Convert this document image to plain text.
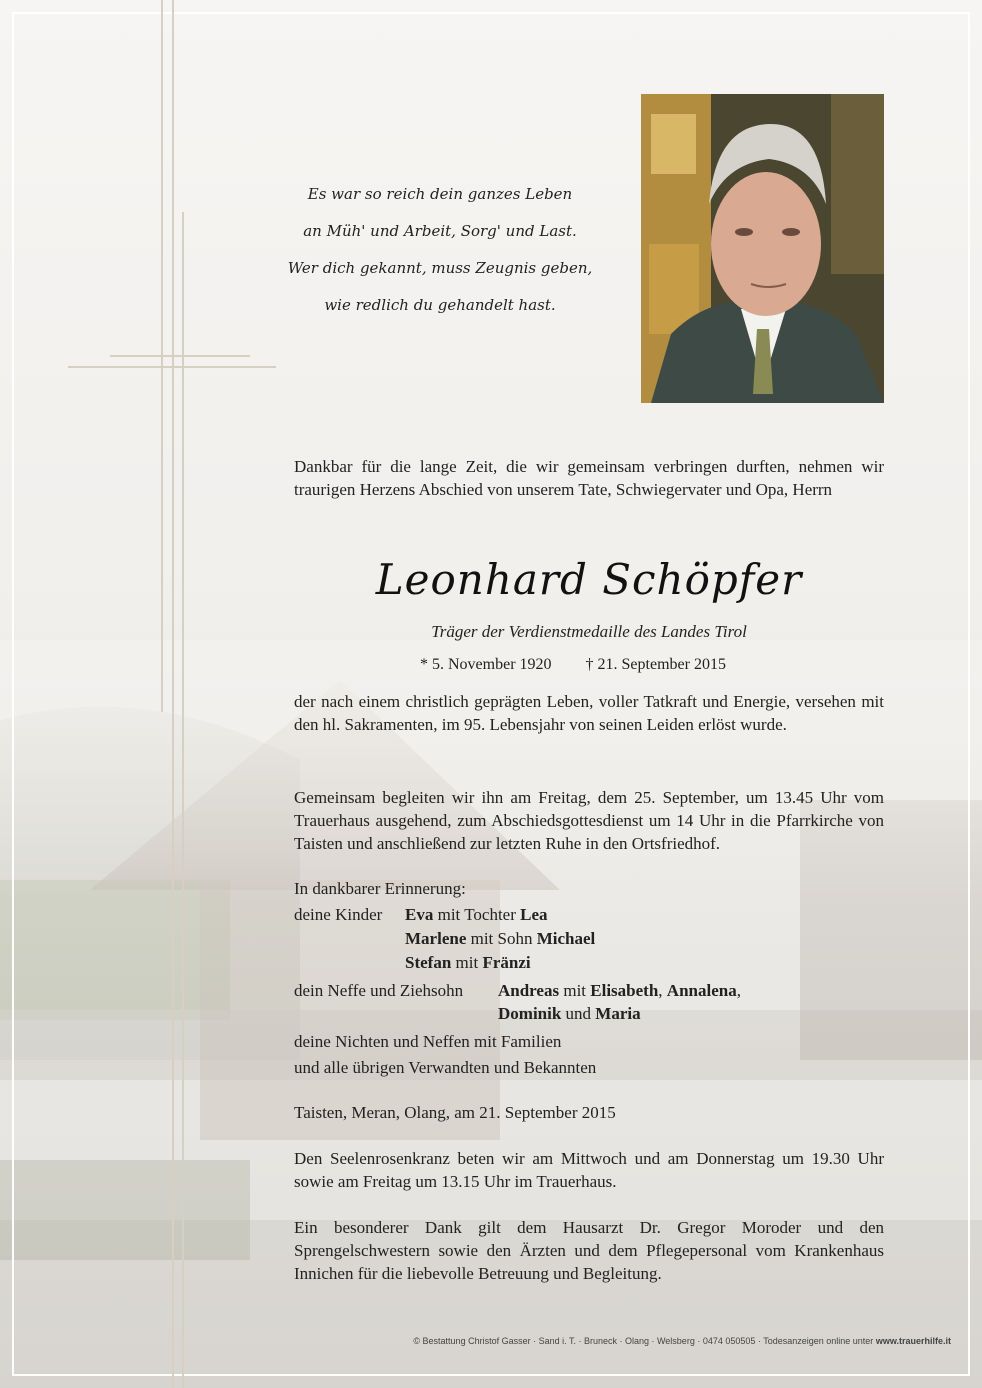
Es war so reich dein ganzes Leben
an Müh' und Arbeit, Sorg' und Last.
Wer dich gekannt, muss Zeugnis geben,
wie redlich du gehandelt hast.
Dankbar für die lange Zeit, die wir gemeinsam verbringen durften, nehmen wir traurigen Herzens Abschied von unserem Tate, Schwiegervater und Opa, Herrn
Leonhard Schöpfer
Träger der Verdienstmedaille des Landes Tirol
* 5. November 1920 † 21. September 2015
der nach einem christlich geprägten Leben, voller Tatkraft und Energie, versehen mit den hl. Sakramenten, im 95. Lebensjahr von seinen Leiden erlöst wurde.
Gemeinsam begleiten wir ihn am Freitag, dem 25. September, um 13.45 Uhr vom Trauerhaus ausgehend, zum Abschiedsgottesdienst um 14 Uhr in die Pfarrkirche von Taisten und anschließend zur letzten Ruhe in den Ortsfriedhof.
In dankbarer Erinnerung:
deine Kinder Eva mit Tochter Lea
Marlene mit Sohn Michael
Stefan mit Fränzi
dein Neffe und Ziehsohn Andreas mit Elisabeth, Annalena,
Dominik und Maria
deine Nichten und Neffen mit Familien
und alle übrigen Verwandten und Bekannten
Taisten, Meran, Olang, am 21. September 2015
Den Seelenrosenkranz beten wir am Mittwoch und am Donnerstag um 19.30 Uhr sowie am Freitag um 13.15 Uhr im Trauerhaus.
Ein besonderer Dank gilt dem Hausarzt Dr. Gregor Moroder und den Sprengelschwestern sowie den Ärzten und dem Pflegepersonal vom Krankenhaus Innichen für die liebevolle Betreuung und Begleitung.
© Bestattung Christof Gasser · Sand i. T. · Bruneck · Olang · Welsberg · 0474 050505 · Todesanzeigen online unter www.trauerhilfe.it
